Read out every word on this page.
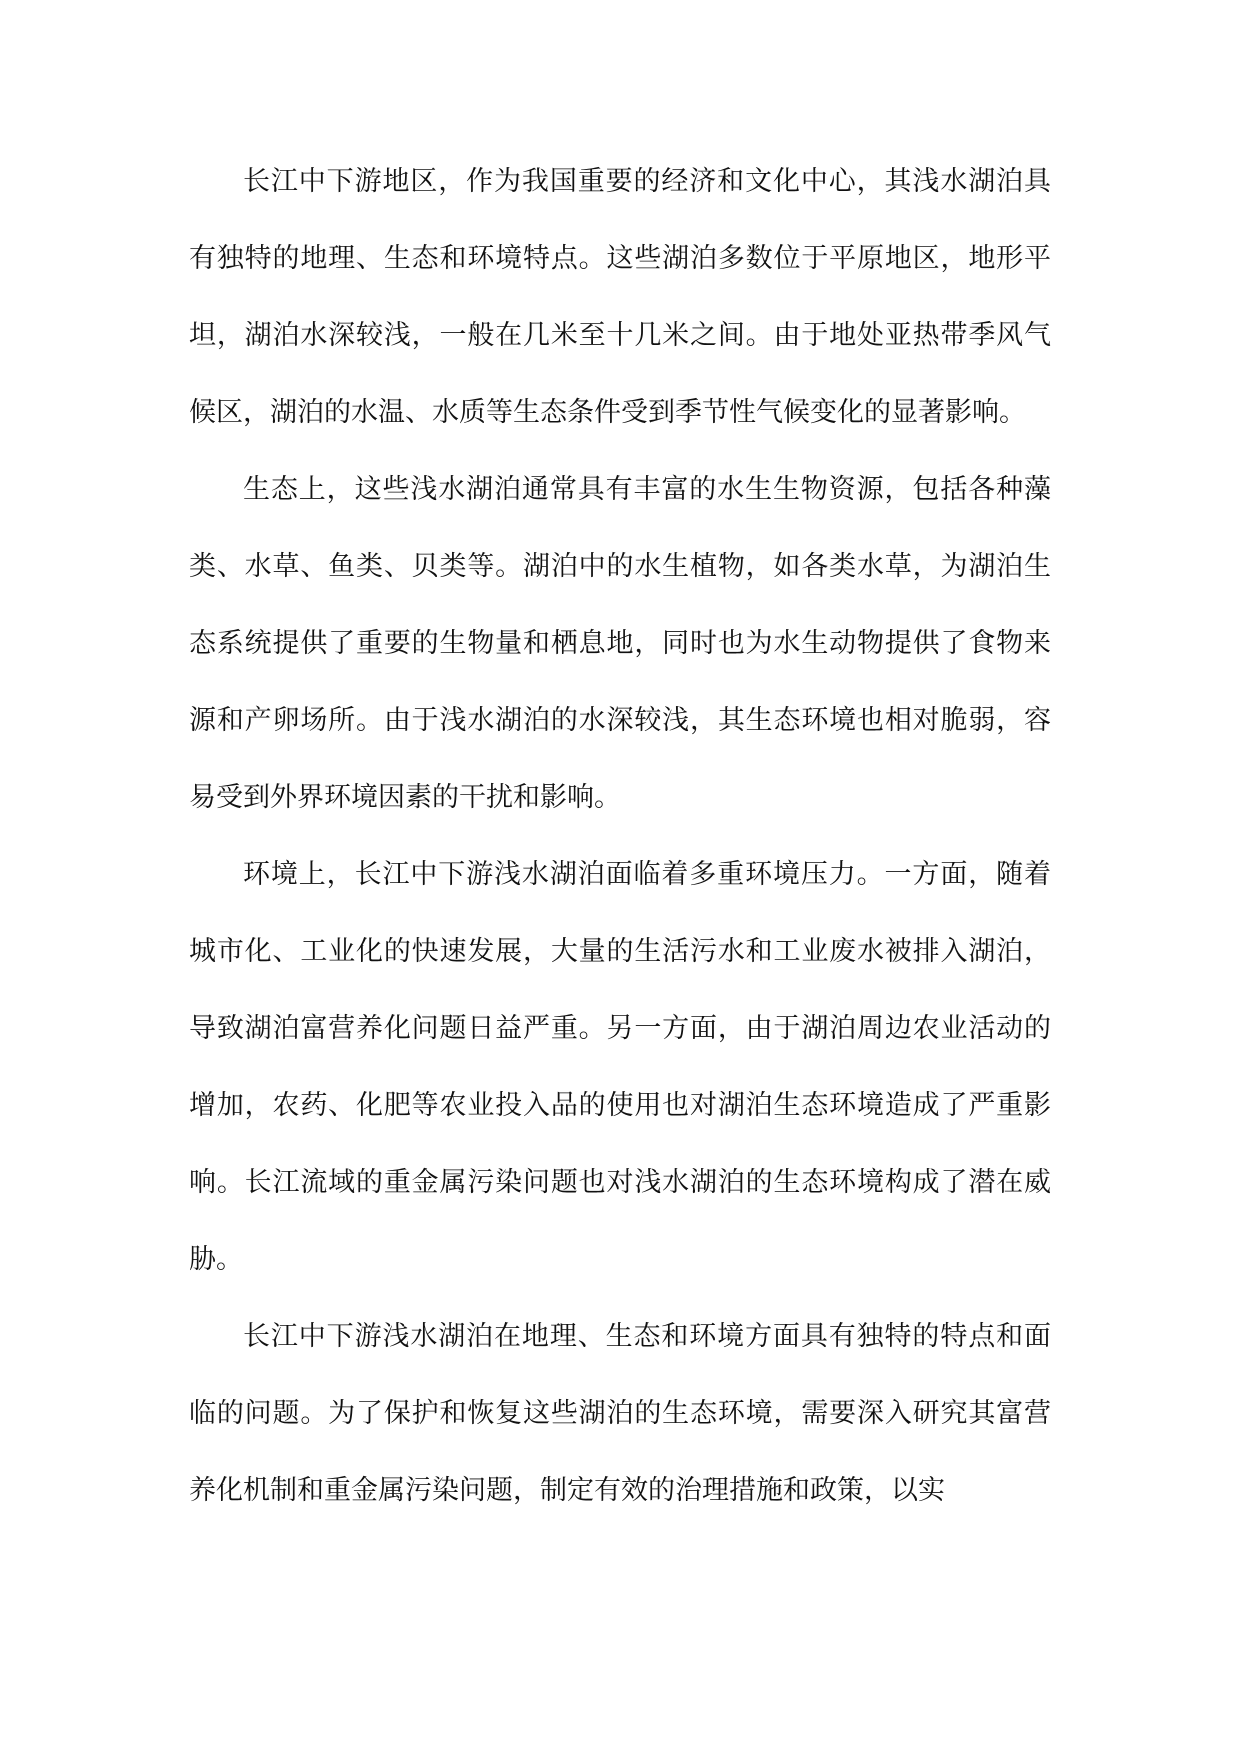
长江中下游地区，作为我国重要的经济和文化中心，其浅水湖泊具有独特的地理、生态和环境特点。这些湖泊多数位于平原地区，地形平坦，湖泊水深较浅，一般在几米至十几米之间。由于地处亚热带季风气候区，湖泊的水温、水质等生态条件受到季节性气候变化的显著影响。

生态上，这些浅水湖泊通常具有丰富的水生生物资源，包括各种藻类、水草、鱼类、贝类等。湖泊中的水生植物，如各类水草，为湖泊生态系统提供了重要的生物量和栖息地，同时也为水生动物提供了食物来源和产卵场所。由于浅水湖泊的水深较浅，其生态环境也相对脆弱，容易受到外界环境因素的干扰和影响。

环境上，长江中下游浅水湖泊面临着多重环境压力。一方面，随着城市化、工业化的快速发展，大量的生活污水和工业废水被排入湖泊，导致湖泊富营养化问题日益严重。另一方面，由于湖泊周边农业活动的增加，农药、化肥等农业投入品的使用也对湖泊生态环境造成了严重影响。长江流域的重金属污染问题也对浅水湖泊的生态环境构成了潜在威胁。

长江中下游浅水湖泊在地理、生态和环境方面具有独特的特点和面临的问题。为了保护和恢复这些湖泊的生态环境，需要深入研究其富营养化机制和重金属污染问题，制定有效的治理措施和政策，以实
